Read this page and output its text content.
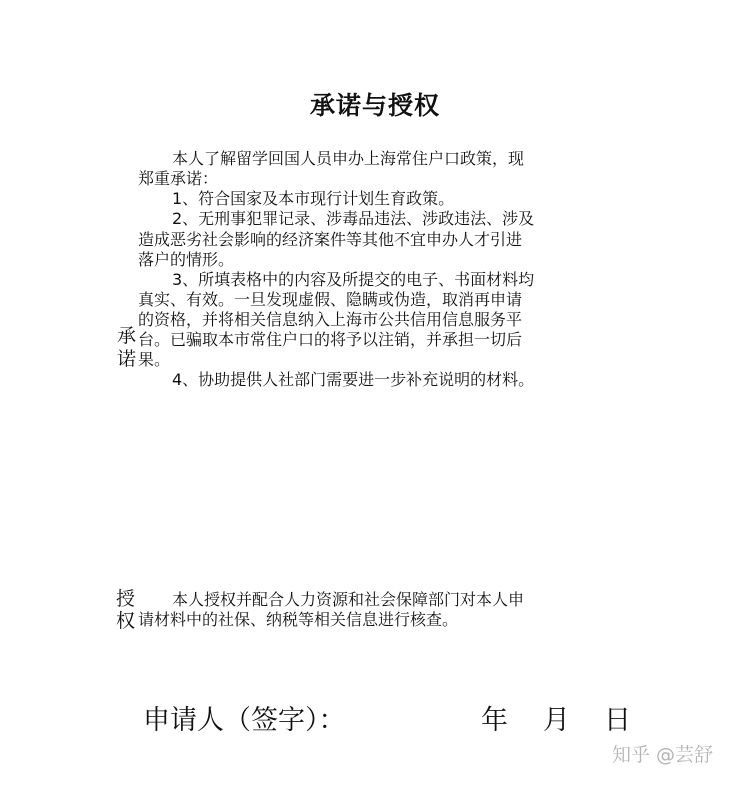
承诺与授权
承
诺
本人了解留学回国人员申办上海常住户口政策，现
郑重承诺：
1、符合国家及本市现行计划生育政策。
2、无刑事犯罪记录、涉毒品违法、涉政违法、涉及
造成恶劣社会影响的经济案件等其他不宜申办人才引进
落户的情形。
3、所填表格中的内容及所提交的电子、书面材料均
真实、有效。一旦发现虚假、隐瞒或伪造，取消再申请
的资格，并将相关信息纳入上海市公共信用信息服务平
台。已骗取本市常住户口的将予以注销，并承担一切后
果。
4、协助提供人社部门需要进一步补充说明的材料。
授
权
本人授权并配合人力资源和社会保障部门对本人申
请材料中的社保、纳税等相关信息进行核查。
申请人（签字）：	年 月 日
知乎 @芸舒
